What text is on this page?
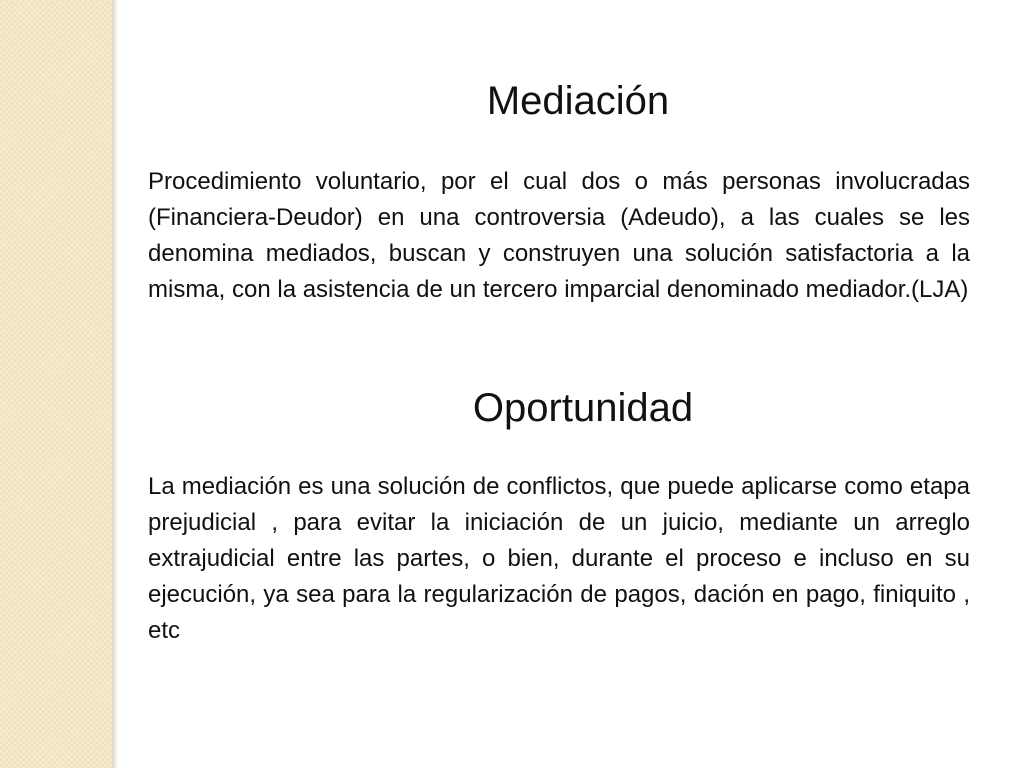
Mediación

Procedimiento voluntario, por el cual dos o más personas involucradas (Financiera-Deudor) en una controversia (Adeudo), a las cuales se les denomina mediados, buscan y construyen una solución satisfactoria a la misma, con la asistencia de un tercero imparcial denominado mediador.(LJA)

Oportunidad

La mediación es una solución de conflictos, que puede aplicarse como etapa prejudicial , para evitar la iniciación de un juicio, mediante un arreglo extrajudicial entre las partes, o bien, durante el proceso e incluso en su ejecución, ya sea para la regularización de pagos, dación en pago, finiquito , etc
